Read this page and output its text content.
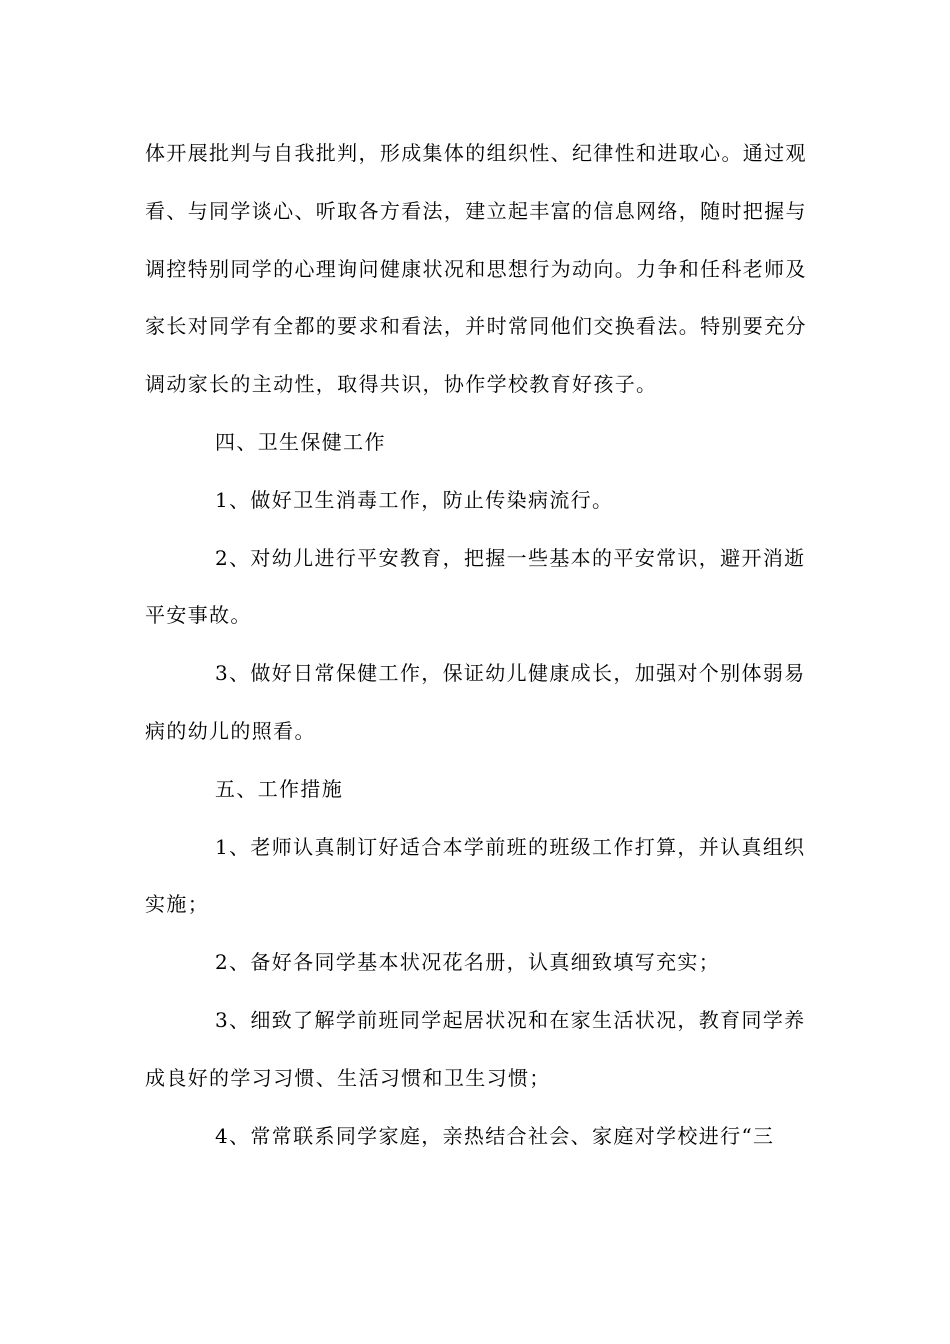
体开展批判与自我批判，形成集体的组织性、纪律性和进取心。通过观看、与同学谈心、听取各方看法，建立起丰富的信息网络，随时把握与调控特别同学的心理询问健康状况和思想行为动向。力争和任科老师及家长对同学有全都的要求和看法，并时常同他们交换看法。特别要充分调动家长的主动性，取得共识，协作学校教育好孩子。

四、卫生保健工作

1、做好卫生消毒工作，防止传染病流行。

2、对幼儿进行平安教育，把握一些基本的平安常识，避开消逝平安事故。

3、做好日常保健工作，保证幼儿健康成长，加强对个别体弱易病的幼儿的照看。

五、工作措施

1、老师认真制订好适合本学前班的班级工作打算，并认真组织实施；

2、备好各同学基本状况花名册，认真细致填写充实；

3、细致了解学前班同学起居状况和在家生活状况，教育同学养成良好的学习习惯、生活习惯和卫生习惯；

4、常常联系同学家庭，亲热结合社会、家庭对学校进行“三
